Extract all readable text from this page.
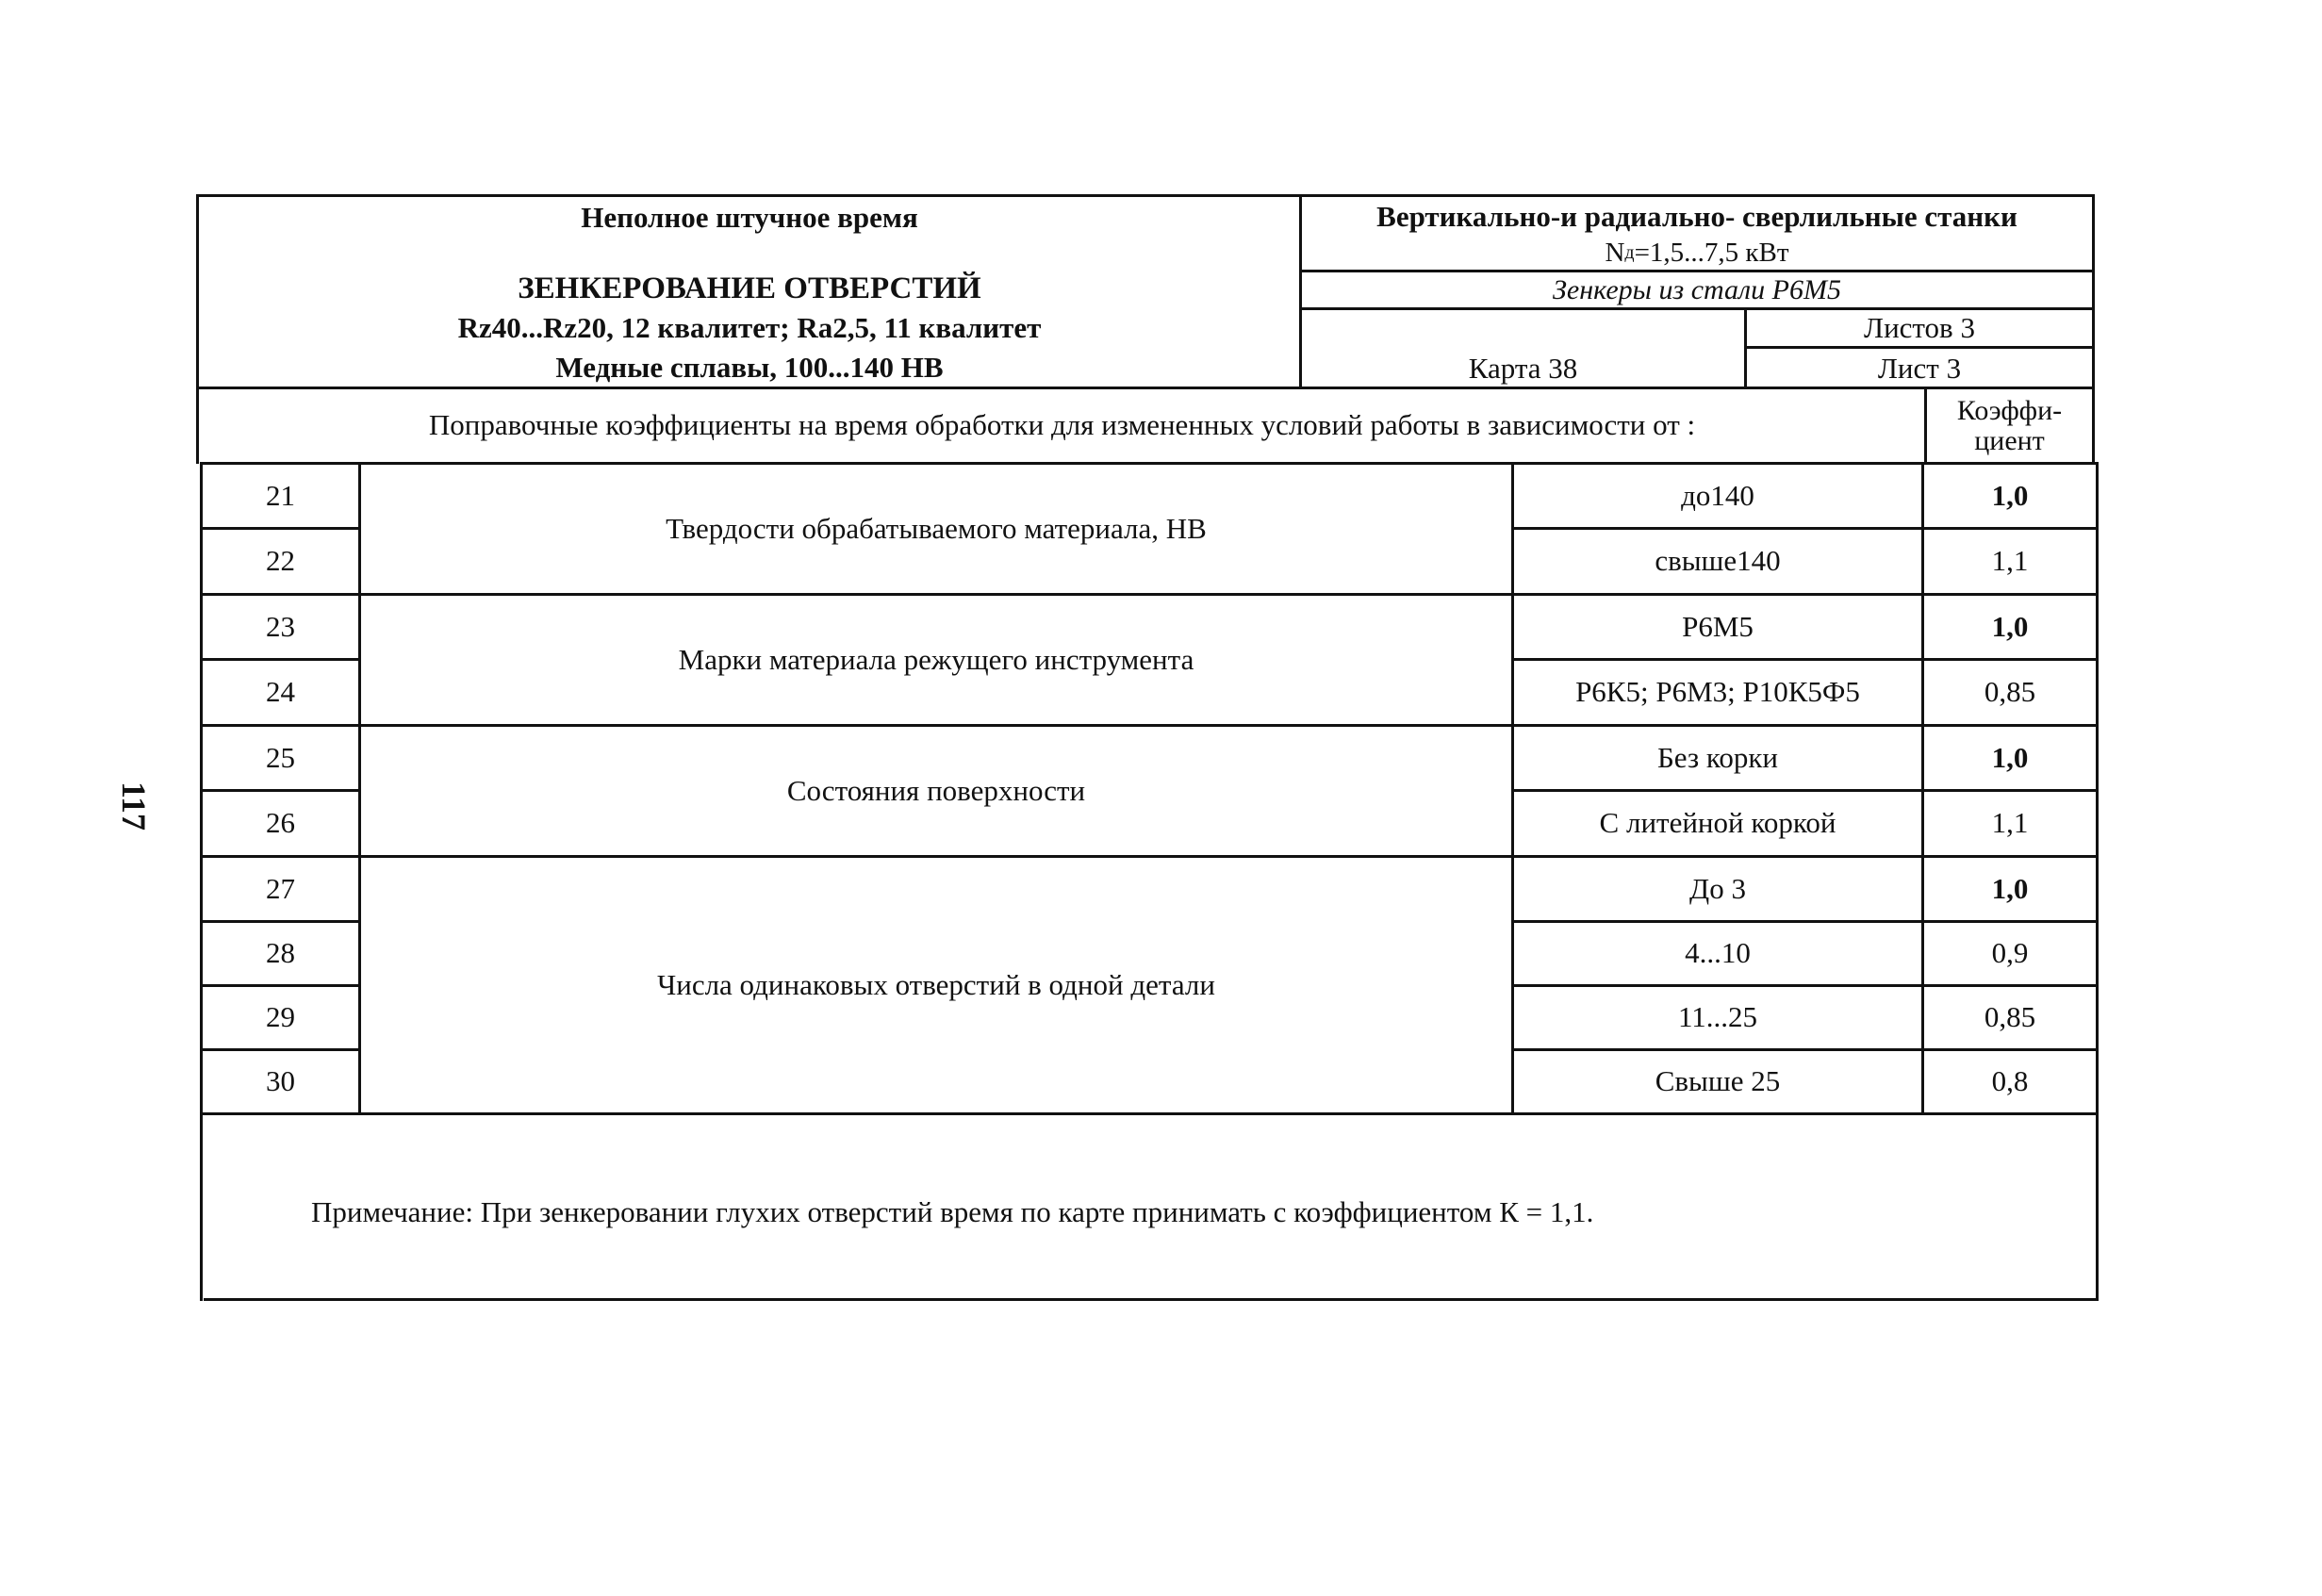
117
Неполное штучное время
ЗЕНКЕРОВАНИЕ ОТВЕРСТИЙ
Rz40...Rz20, 12 квалитет; Ra2,5, 11 квалитет
Медные сплавы, 100...140 НВ
Вертикально-и радиально- сверлильные станки
N д =1,5...7,5 кВт
Зенкеры из стали Р6М5
Карта 38
Листов 3
Лист 3
Поправочные коэффициенты на время обработки для измененных условий работы в зависимости от :	Коэффи-
циент
Твердости обрабатываемого материала, НВ
21	до140	1,0
22	свыше140	1,1
Марки материала режущего инструмента
23	Р6М5	1,0
24	Р6К5; Р6М3; Р10К5Ф5	0,85
Состояния поверхности
25	Без корки	1,0
26	С литейной коркой	1,1
Числа одинаковых отверстий в одной детали
27	До 3	1,0
28	4...10	0,9
29	11...25	0,85
30	Свыше 25	0,8
Примечание: При зенкеровании глухих отверстий время по карте принимать с коэффициентом К = 1,1.
